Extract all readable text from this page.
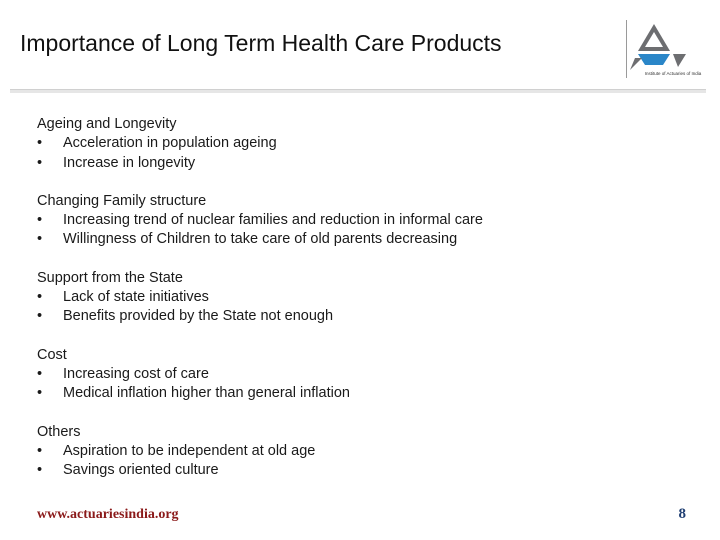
Importance of Long Term Health Care Products
Institute of Actuaries of India
Ageing and Longevity
• Acceleration in population ageing
• Increase in longevity
Changing Family structure
• Increasing trend of nuclear families and reduction in informal care
• Willingness of Children to take care of old parents decreasing
Support from the State
• Lack of state initiatives
• Benefits provided by the State not enough
Cost
• Increasing cost of care
• Medical inflation higher than general inflation
Others
• Aspiration to be independent at old age
• Savings oriented culture
www.actuariesindia.org	8
